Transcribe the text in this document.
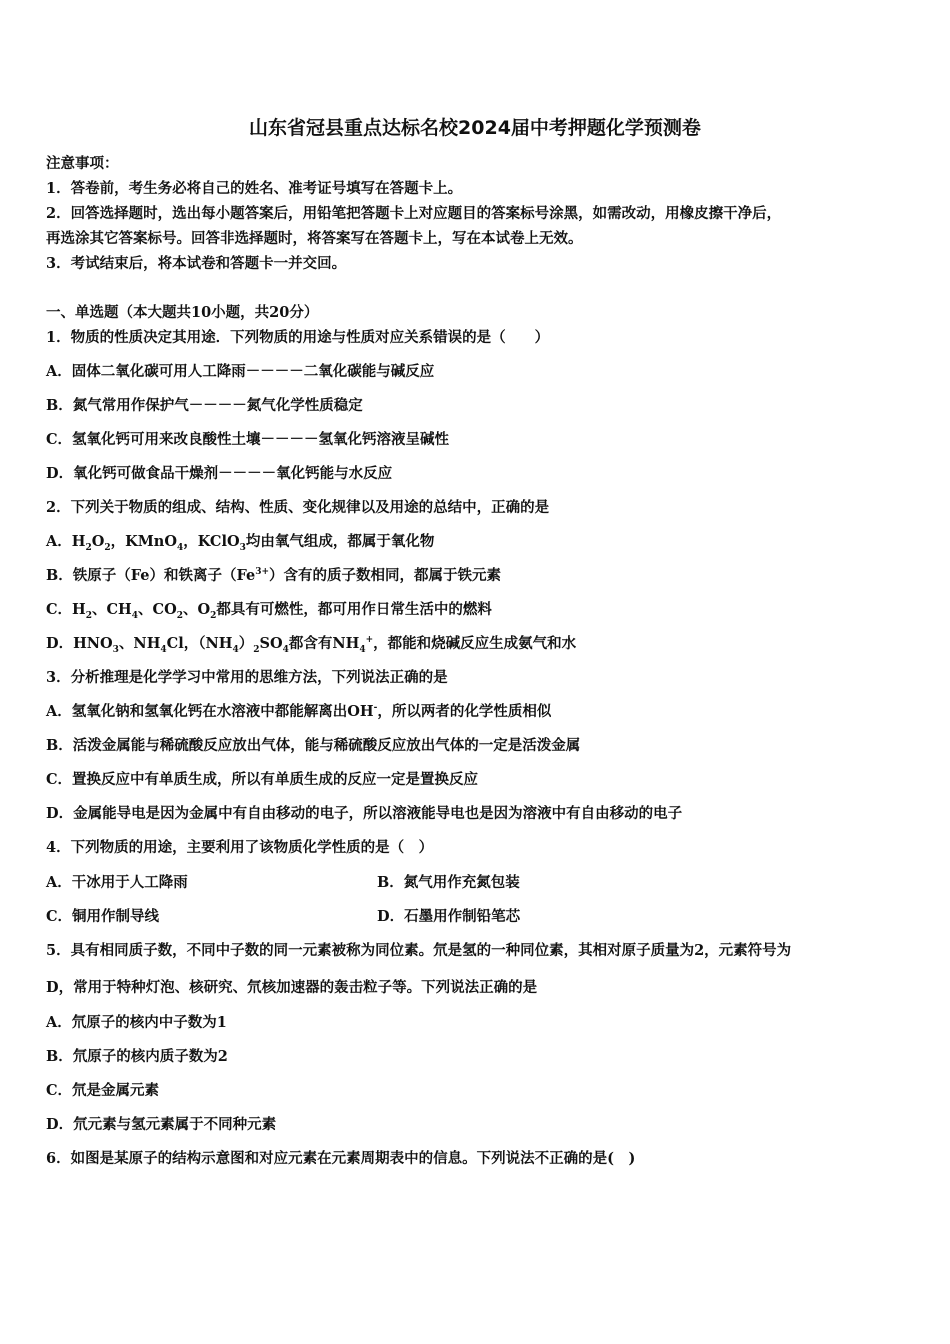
山东省冠县重点达标名校2024届中考押题化学预测卷
注意事项：
1．答卷前，考生务必将自己的姓名、准考证号填写在答题卡上。
2．回答选择题时，选出每小题答案后，用铅笔把答题卡上对应题目的答案标号涂黑，如需改动，用橡皮擦干净后，
再选涂其它答案标号。回答非选择题时，将答案写在答题卡上，写在本试卷上无效。
3．考试结束后，将本试卷和答题卡一并交回。
一、单选题（本大题共10小题，共20分）
1．物质的性质决定其用途．下列物质的用途与性质对应关系错误的是（　　）
A．固体二氧化碳可用人工降雨－－－－二氧化碳能与碱反应
B．氮气常用作保护气－－－－氮气化学性质稳定
C．氢氧化钙可用来改良酸性土壤－－－－氢氧化钙溶液呈碱性
D．氧化钙可做食品干燥剂－－－－氧化钙能与水反应
2．下列关于物质的组成、结构、性质、变化规律以及用途的总结中，正确的是
A．$H_2O_2$，KMnO$_4$，KClO$_3$均由氧气组成，都属于氧化物
B．铁原子（Fe）和铁离子$(Fe^{3+})$含有的质子数相同，都属于铁元素
C．$H_2$、$CH_4$、$CO_2$、$O_2$都具有可燃性，都可用作日常生活中的燃料
D．$HNO_3$、$NH_4Cl$，$(NH_4)_2SO_4$都含有$NH_4^+$，都能和烧碱反应生成氨气和水
3．分析推理是化学学习中常用的思维方法，下列说法正确的是
A．氢氧化钠和氢氧化钙在水溶液中都能解离出OH-，所以两者的化学性质相似
B．活泼金属能与稀硫酸反应放出气体，能与稀硫酸反应放出气体的一定是活泼金属
C．置换反应中有单质生成，所以有单质生成的反应一定是置换反应
D．金属能导电是因为金属中有自由移动的电子，所以溶液能导电也是因为溶液中有自由移动的电子
4．下列物质的用途，主要利用了该物质化学性质的是（　）
A．干冰用于人工降雨	B．氮气用作充氮包装
C．铜用作制导线	D．石墨用作制铅笔芯
5．具有相同质子数，不同中子数的同一元素被称为同位素。氘是氢的一种同位素，其相对原子质量为2，元素符号为
D，常用于特种灯泡、核研究、氘核加速器的轰击粒子等。下列说法正确的是
A．氘原子的核内中子数为1
B．氘原子的核内质子数为2
C．氘是金属元素
D．氘元素与氢元素属于不同种元素
6．如图是某原子的结构示意图和对应元素在元素周期表中的信息。下列说法不正确的是(　)
